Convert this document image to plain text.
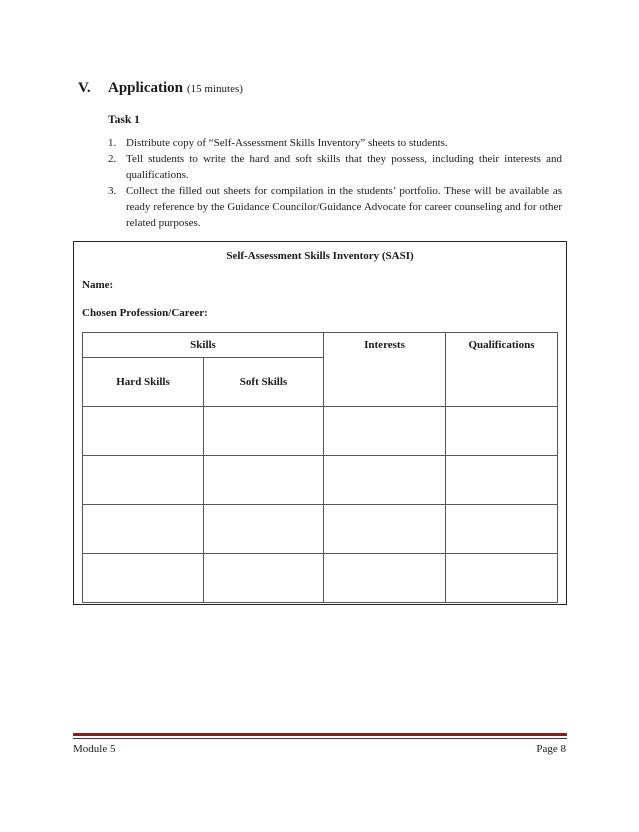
V.	Application (15 minutes)
Task 1
1. Distribute copy of “Self-Assessment Skills Inventory” sheets to students.
2. Tell students to write the hard and soft skills that they possess, including their interests and qualifications.
3. Collect the filled out sheets for compilation in the students’ portfolio. These will be available as ready reference by the Guidance Councilor/Guidance Advocate for career counseling and for other related purposes.
Self-Assessment Skills Inventory (SASI)
Name:
Chosen Profession/Career:
Skills		Interests	Qualifications
Hard Skills	Soft Skills		

Module 5	Page 8
